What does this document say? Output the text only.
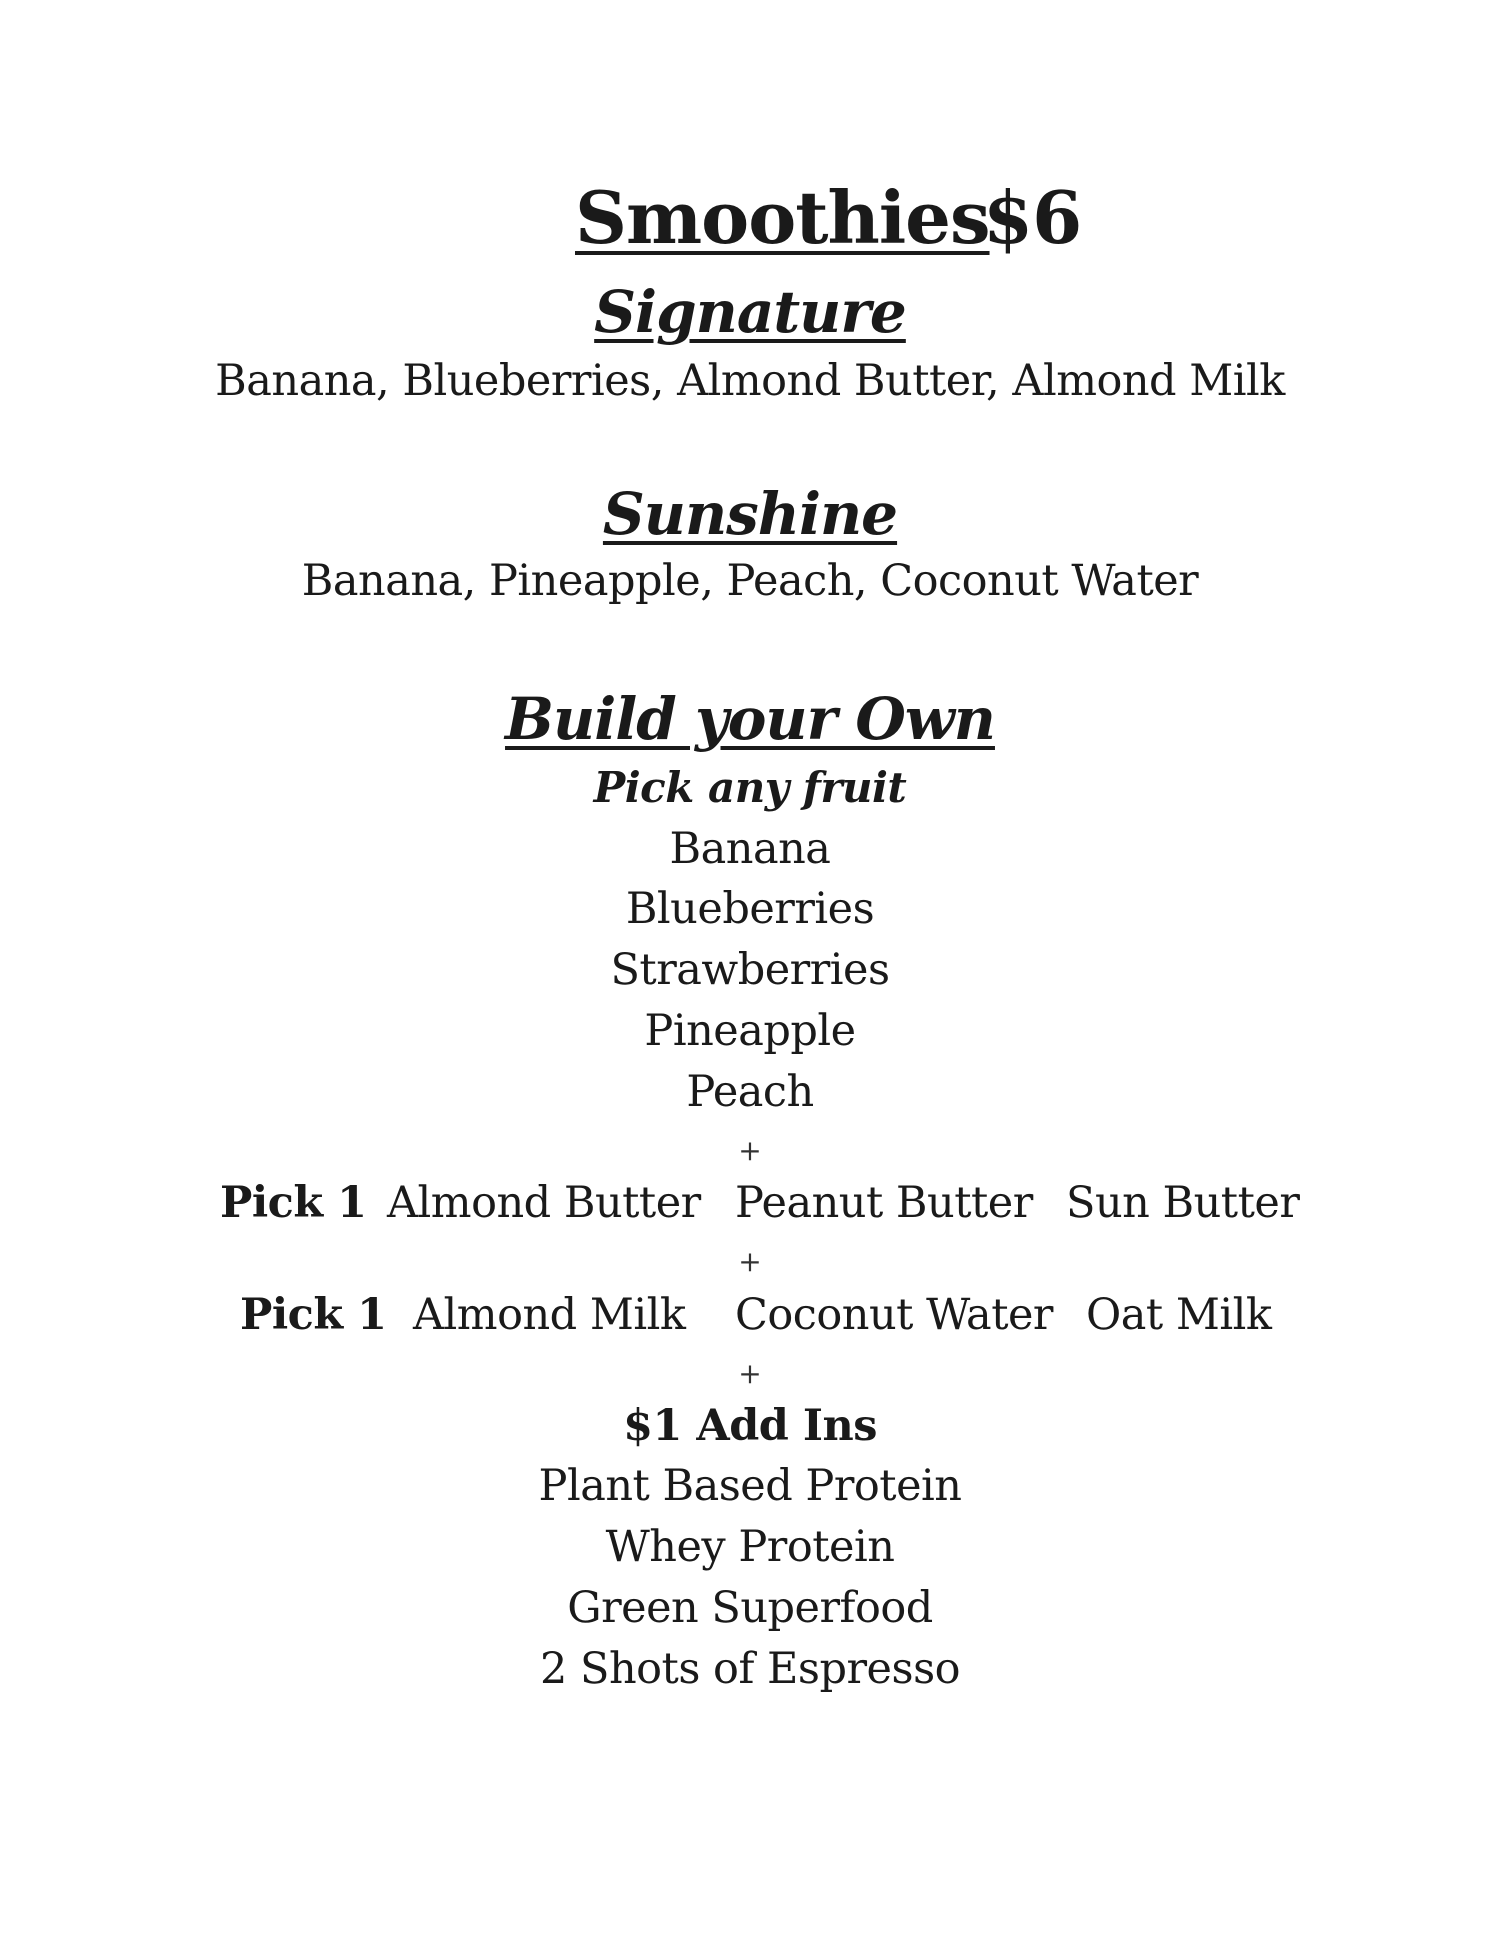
Smoothies
$6
Signature
Banana, Blueberries, Almond Butter, Almond Milk
Sunshine
Banana, Pineapple, Peach, Coconut Water
Build your Own
Pick any fruit
Banana
Blueberries
Strawberries
Pineapple
Peach
+
Pick 1 Almond Butter Peanut Butter Sun Butter
+
Pick 1 Almond Milk Coconut Water Oat Milk
+
$1 Add Ins
Plant Based Protein
Whey Protein
Green Superfood
2 Shots of Espresso
